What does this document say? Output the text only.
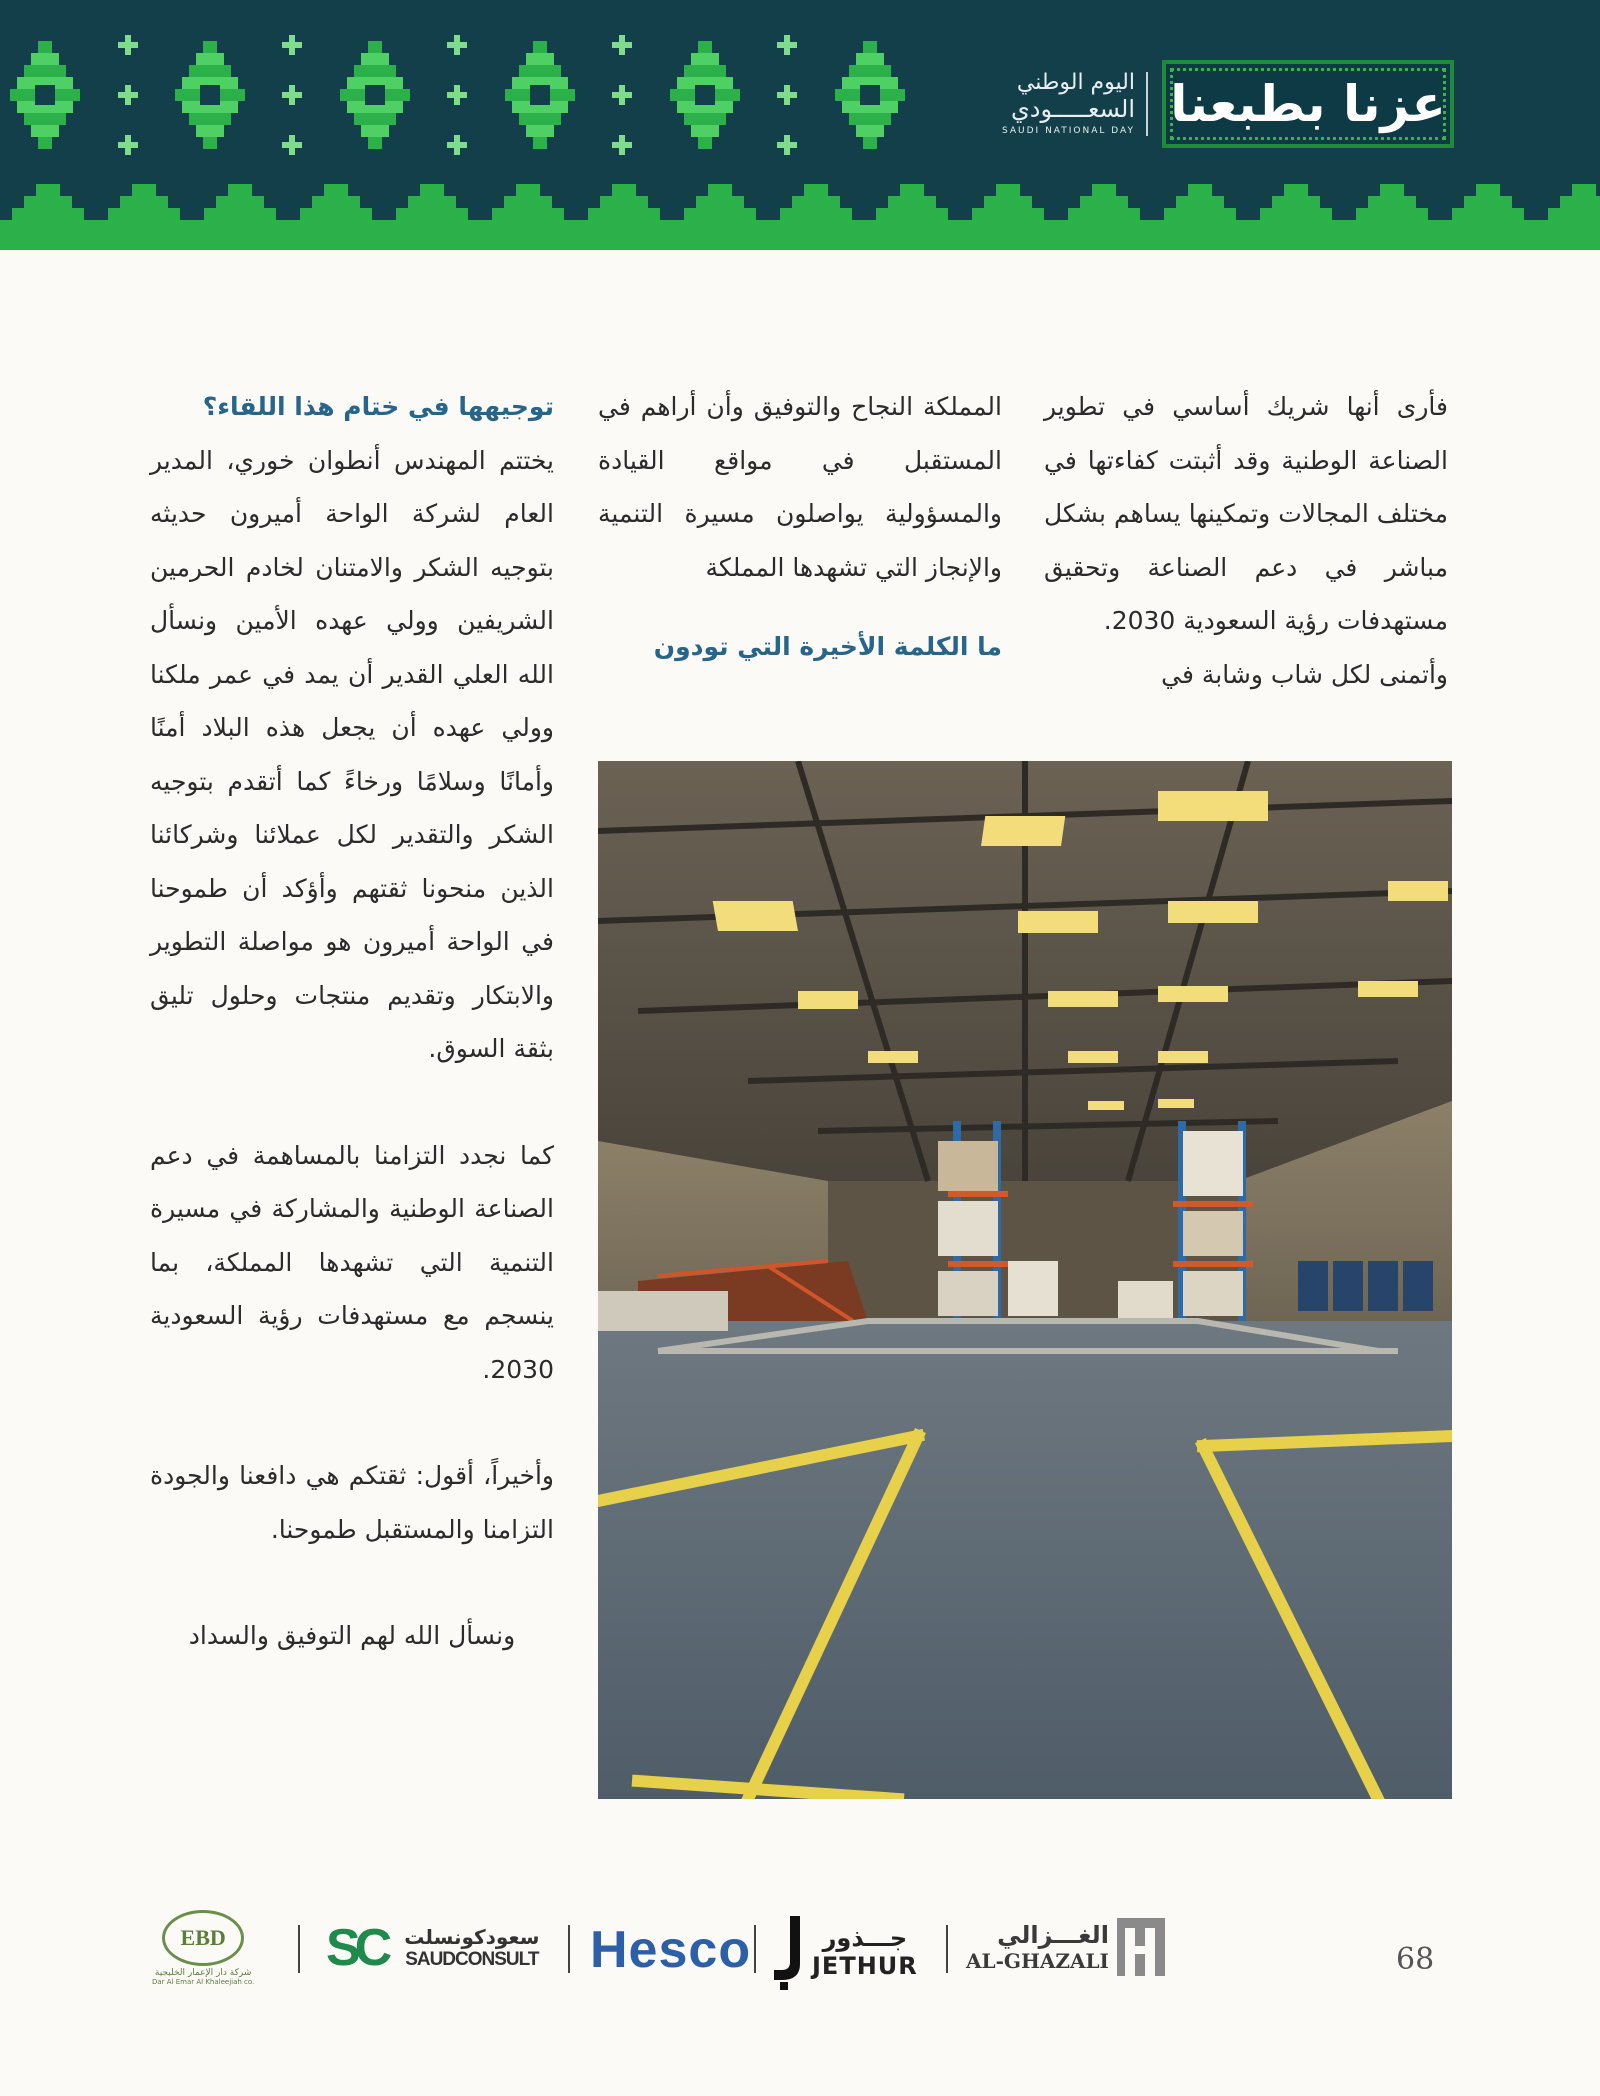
اليوم الوطني
السعـــــودي
SAUDI NATIONAL DAY عزنا بطبعنا

فأرى أنها شريك أساسي في تطوير الصناعة الوطنية وقد أثبتت كفاءتها في مختلف المجالات وتمكينها يساهم بشكل مباشر في دعم الصناعة وتحقيق مستهدفات رؤية السعودية 2030.

وأتمنى لكل شاب وشابة في

المملكة النجاح والتوفيق وأن أراهم في المستقبل في مواقع القيادة والمسؤولية يواصلون مسيرة التنمية والإنجاز التي تشهدها المملكة

ما الكلمة الأخيرة التي تودون

توجيهها في ختام هذا اللقاء؟

يختتم المهندس أنطوان خوري، المدير العام لشركة الواحة أميرون حديثه بتوجيه الشكر والامتنان لخادم الحرمين الشريفين وولي عهده الأمين ونسأل الله العلي القدير أن يمد في عمر ملكنا وولي عهده أن يجعل هذه البلاد أمنًا وأمانًا وسلامًا ورخاءً كما أتقدم بتوجيه الشكر والتقدير لكل عملائنا وشركائنا الذين منحونا ثقتهم وأؤكد أن طموحنا في الواحة أميرون هو مواصلة التطوير والابتكار وتقديم منتجات وحلول تليق بثقة السوق.

كما نجدد التزامنا بالمساهمة في دعم الصناعة الوطنية والمشاركة في مسيرة التنمية التي تشهدها المملكة، بما ينسجم مع مستهدفات رؤية السعودية 2030.

وأخيراً، أقول: ثقتكم هي دافعنا والجودة التزامنا والمستقبل طموحنا.

ونسأل الله لهم التوفيق والسداد

68
الغـــزالي
AL-GHAZALI
جـــذور
JETHUR
Hesco
SC سعودكونسلت
SAUDCONSULT
EBD
شركة دار الإعمار الخليجية
Dar Al Emar Al Khaleejiah co.
